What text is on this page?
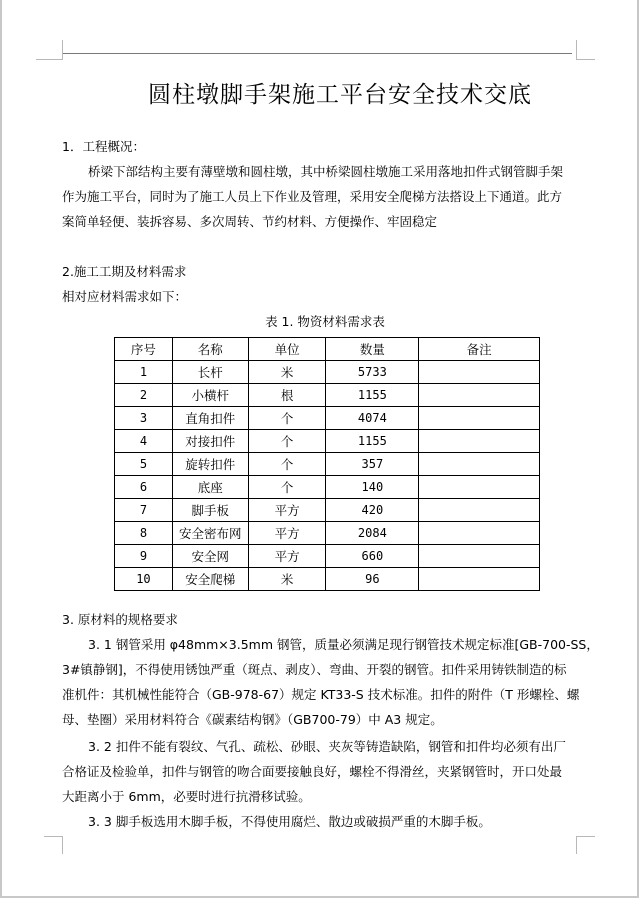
圆柱墩脚手架施工平台安全技术交底
1．工程概况：
桥梁下部结构主要有薄壁墩和圆柱墩，其中桥梁圆柱墩施工采用落地扣件式钢管脚手架
作为施工平台，同时为了施工人员上下作业及管理，采用安全爬梯方法搭设上下通道。此方
案简单轻便、装拆容易、多次周转、节约材料、方便操作、牢固稳定
2.施工工期及材料需求
相对应材料需求如下：
表 1. 物资材料需求表
序号	名称	单位	数量	备注
1	长杆	米	5733	
2	小横杆	根	1155	
3	直角扣件	个	4074	
4	对接扣件	个	1155	
5	旋转扣件	个	357	
6	底座	个	140	
7	脚手板	平方	420	
8	安全密布网	平方	2084	
9	安全网	平方	660	
10	安全爬梯	米	96	
3. 原材料的规格要求
3. 1 钢管采用 φ48mm×3.5mm 钢管，质量必须满足现行钢管技术规定标准[GB-700-SS，
3#镇静钢]，不得使用锈蚀严重（斑点、剥皮）、弯曲、开裂的钢管。扣件采用铸铁制造的标
准机件：其机械性能符合（GB-978-67）规定 KT33-S 技术标准。扣件的附件（T 形螺栓、螺
母、垫圈）采用材料符合《碳素结构钢》（GB700-79）中 A3 规定。
3. 2 扣件不能有裂纹、气孔、疏松、砂眼、夹灰等铸造缺陷，钢管和扣件均必须有出厂
合格证及检验单，扣件与钢管的吻合面要接触良好，螺栓不得滑丝，夹紧钢管时，开口处最
大距离小于 6mm，必要时进行抗滑移试验。
3. 3 脚手板选用木脚手板，不得使用腐烂、散边或破损严重的木脚手板。
